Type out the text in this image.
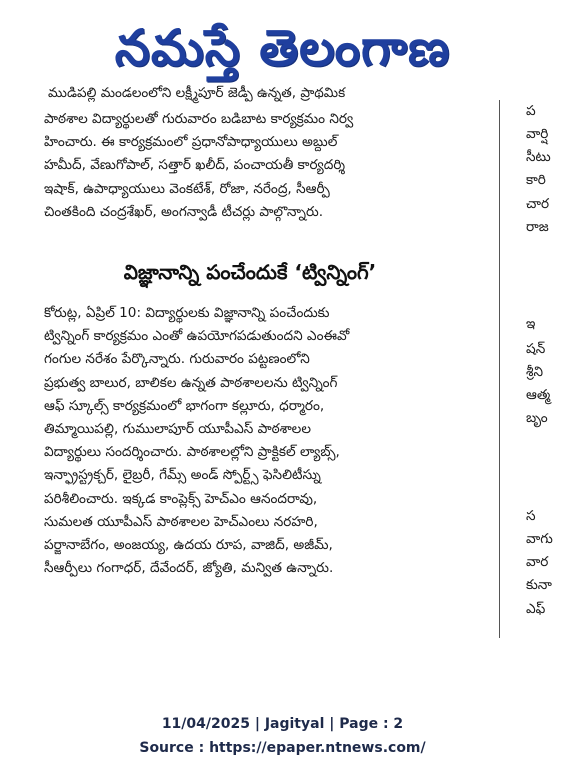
నమస్తే తెలంగాణ
ముడిపల్లి మండలంలోని లక్ష్మీపూర్ జెడ్పీ ఉన్నత, ప్రాథమిక
పాఠశాల విద్యార్థులతో గురువారం బడిబాట కార్యక్రమం నిర్వ
హించారు. ఈ కార్యక్రమంలో ప్రధానోపాధ్యాయులు అబ్దుల్
హమీద్, వేణుగోపాల్, సత్తార్ ఖలీద్, పంచాయతీ కార్యదర్శి
ఇషాక్, ఉపాధ్యాయులు వెంకటేశ్, రోజా, నరేంద్ర, సీఆర్పీ
చింతకింది చంద్రశేఖర్, అంగన్వాడీ టీచర్లు పాల్గొన్నారు.
విజ్ఞానాన్ని పంచేందుకే ‘ట్విన్నింగ్’
కోరుట్ల, ఏప్రిల్ 10: విద్యార్థులకు విజ్ఞానాన్ని పంచేందుకు
ట్విన్నింగ్ కార్యక్రమం ఎంతో ఉపయోగపడుతుందని ఎంఈవో
గంగుల నరేశం పేర్కొన్నారు. గురువారం పట్టణంలోని
ప్రభుత్వ బాలుర, బాలికల ఉన్నత పాఠశాలలను ట్విన్నింగ్
ఆఫ్ స్కూల్స్ కార్యక్రమంలో భాగంగా కల్లూరు, ధర్మారం,
తిమ్మాయిపల్లి, గుములాపూర్ యూపీఎస్ పాఠశాలల
విద్యార్థులు సందర్శించారు. పాఠశాలల్లోని ప్రాక్టికల్ ల్యాబ్స్,
ఇన్ఫ్రాస్ట్రక్చర్, లైబ్రరీ, గేమ్స్ అండ్ స్పోర్ట్స్ ఫెసిలిటీస్ను
పరిశీలించారు. ఇక్కడ కాంప్లెక్స్ హెచ్ఎం ఆనందరావు,
సుమలత యూపీఎస్ పాఠశాలల హెచ్ఎంలు నరహరి,
పర్జానాబేగం, అంజయ్య, ఉదయ రూప, వాజిద్, అజీమ్,
సీఆర్పీలు గంగాధర్, దేవేందర్, జ్యోతి, మన్విత ఉన్నారు.
ప
వార్షి
సీటు
కారి
చార
రాజ
ఇ
షన్
శ్రీని
ఆత్మ
బృం
స
వాగు
వార
కునా
ఎఫ్
11/04/2025 | Jagityal | Page : 2
Source : https://epaper.ntnews.com/
